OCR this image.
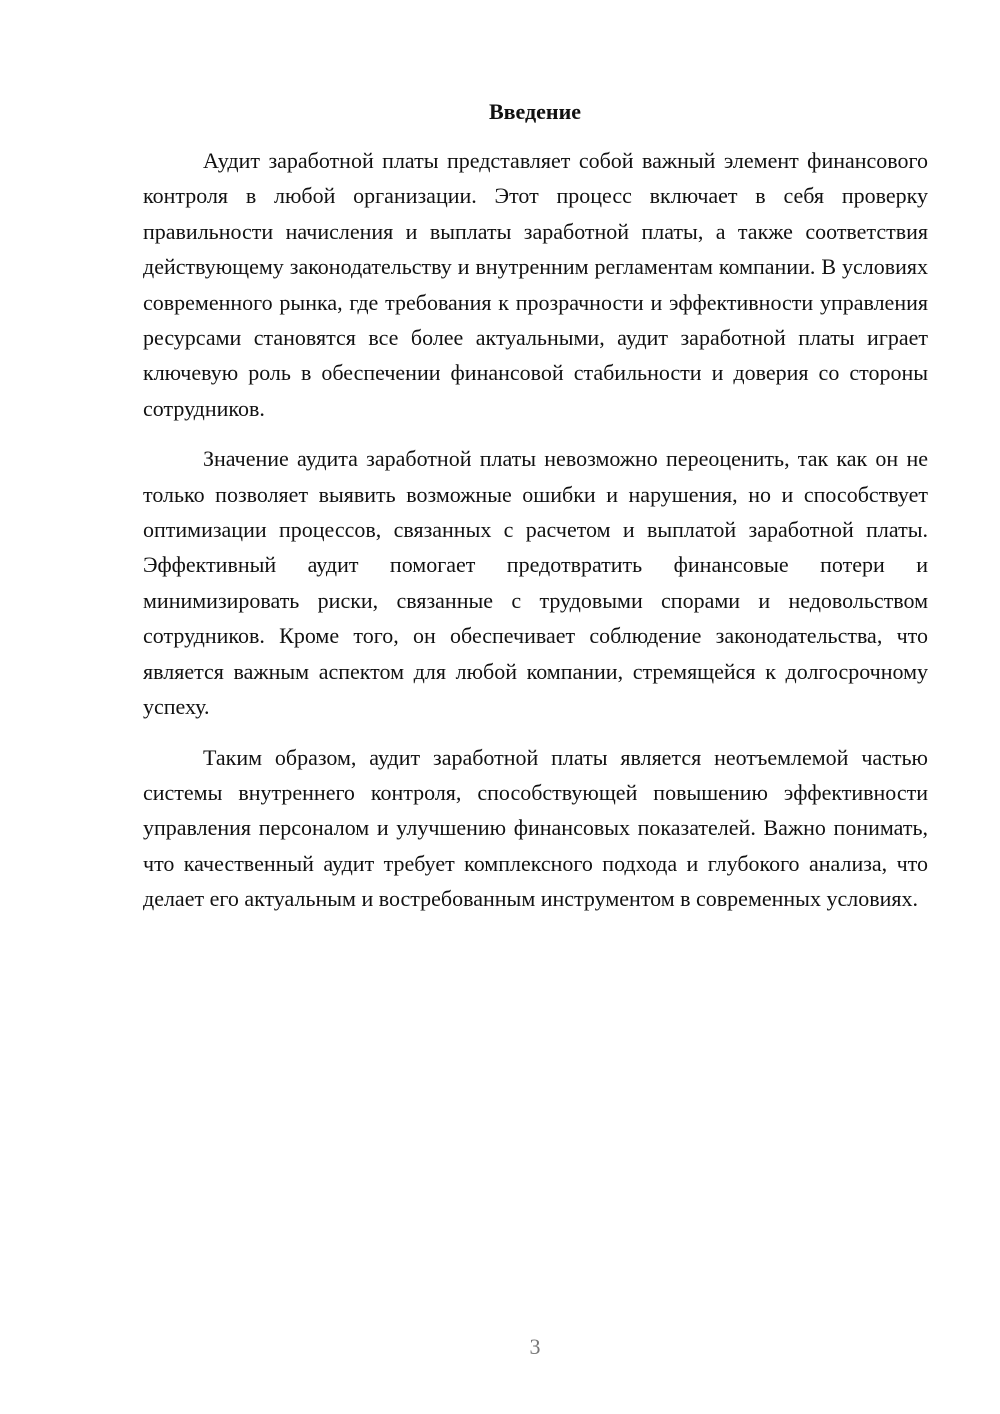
Введение

Аудит заработной платы представляет собой важный элемент финансового контроля в любой организации. Этот процесс включает в себя проверку правильности начисления и выплаты заработной платы, а также соответствия действующему законодательству и внутренним регламентам компании. В условиях современного рынка, где требования к прозрачности и эффективности управления ресурсами становятся все более актуальными, аудит заработной платы играет ключевую роль в обеспечении финансовой стабильности и доверия со стороны сотрудников.

Значение аудита заработной платы невозможно переоценить, так как он не только позволяет выявить возможные ошибки и нарушения, но и способствует оптимизации процессов, связанных с расчетом и выплатой заработной платы. Эффективный аудит помогает предотвратить финансовые потери и минимизировать риски, связанные с трудовыми спорами и недовольством сотрудников. Кроме того, он обеспечивает соблюдение законодательства, что является важным аспектом для любой компании, стремящейся к долгосрочному успеху.

Таким образом, аудит заработной платы является неотъемлемой частью системы внутреннего контроля, способствующей повышению эффективности управления персоналом и улучшению финансовых показателей. Важно понимать, что качественный аудит требует комплексного подхода и глубокого анализа, что делает его актуальным и востребованным инструментом в современных условиях.

3
